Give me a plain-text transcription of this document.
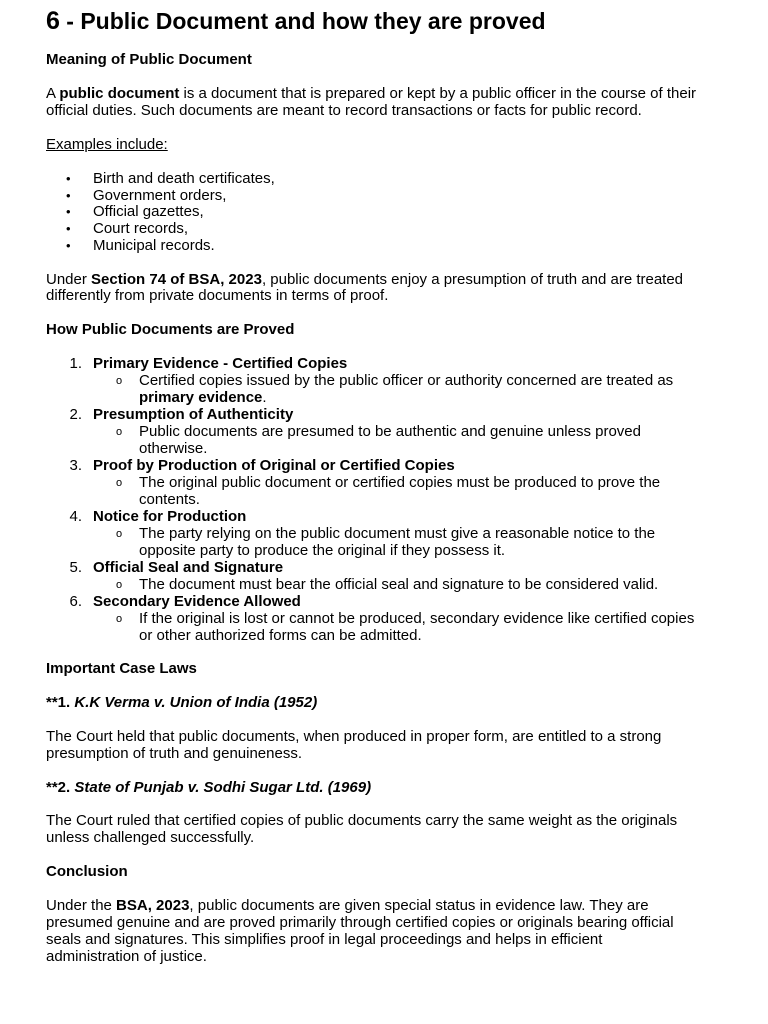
6 - Public Document and how they are proved
Meaning of Public Document
A public document is a document that is prepared or kept by a public officer in the course of their
official duties. Such documents are meant to record transactions or facts for public record.
Examples include:
• Birth and death certificates,
• Government orders,
• Official gazettes,
• Court records,
• Municipal records.
Under Section 74 of BSA, 2023, public documents enjoy a presumption of truth and are treated
differently from private documents in terms of proof.
How Public Documents are Proved
1. Primary Evidence - Certified Copies
o Certified copies issued by the public officer or authority concerned are treated as
primary evidence.
2. Presumption of Authenticity
o Public documents are presumed to be authentic and genuine unless proved
otherwise.
3. Proof by Production of Original or Certified Copies
o The original public document or certified copies must be produced to prove the
contents.
4. Notice for Production
o The party relying on the public document must give a reasonable notice to the
opposite party to produce the original if they possess it.
5. Official Seal and Signature
o The document must bear the official seal and signature to be considered valid.
6. Secondary Evidence Allowed
o If the original is lost or cannot be produced, secondary evidence like certified copies
or other authorized forms can be admitted.
Important Case Laws
**1. K.K Verma v. Union of India (1952)
The Court held that public documents, when produced in proper form, are entitled to a strong
presumption of truth and genuineness.
**2. State of Punjab v. Sodhi Sugar Ltd. (1969)
The Court ruled that certified copies of public documents carry the same weight as the originals
unless challenged successfully.
Conclusion
Under the BSA, 2023, public documents are given special status in evidence law. They are
presumed genuine and are proved primarily through certified copies or originals bearing official
seals and signatures. This simplifies proof in legal proceedings and helps in efficient
administration of justice.
